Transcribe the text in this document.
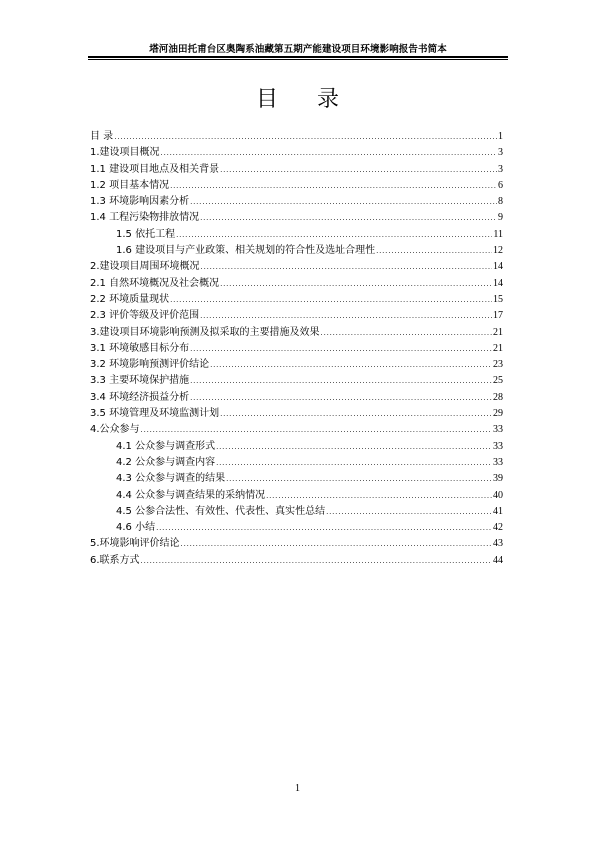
塔河油田托甫台区奥陶系油藏第五期产能建设项目环境影响报告书简本
目 录
目 录 .....	1
1.建设项目概况 .....	3
1.1 建设项目地点及相关背景 .....	3
1.2 项目基本情况 .....	6
1.3 环境影响因素分析 .....	8
1.4 工程污染物排放情况 .....	9
1.5 依托工程 .....	11
1.6 建设项目与产业政策、相关规划的符合性及选址合理性 .....	12
2.建设项目周围环境概况 .....	14
2.1 自然环境概况及社会概况 .....	14
2.2 环境质量现状 .....	15
2.3 评价等级及评价范围 .....	17
3.建设项目环境影响预测及拟采取的主要措施及效果 .....	21
3.1 环境敏感目标分布 .....	21
3.2 环境影响预测评价结论 .....	23
3.3 主要环境保护措施 .....	25
3.4 环境经济损益分析 .....	28
3.5 环境管理及环境监测计划 .....	29
4.公众参与 .....	33
4.1 公众参与调查形式 .....	33
4.2 公众参与调查内容 .....	33
4.3 公众参与调查的结果 .....	39
4.4 公众参与调查结果的采纳情况 .....	40
4.5 公参合法性、有效性、代表性、真实性总结 .....	41
4.6 小结 .....	42
5.环境影响评价结论 .....	43
6.联系方式 .....	44
1
